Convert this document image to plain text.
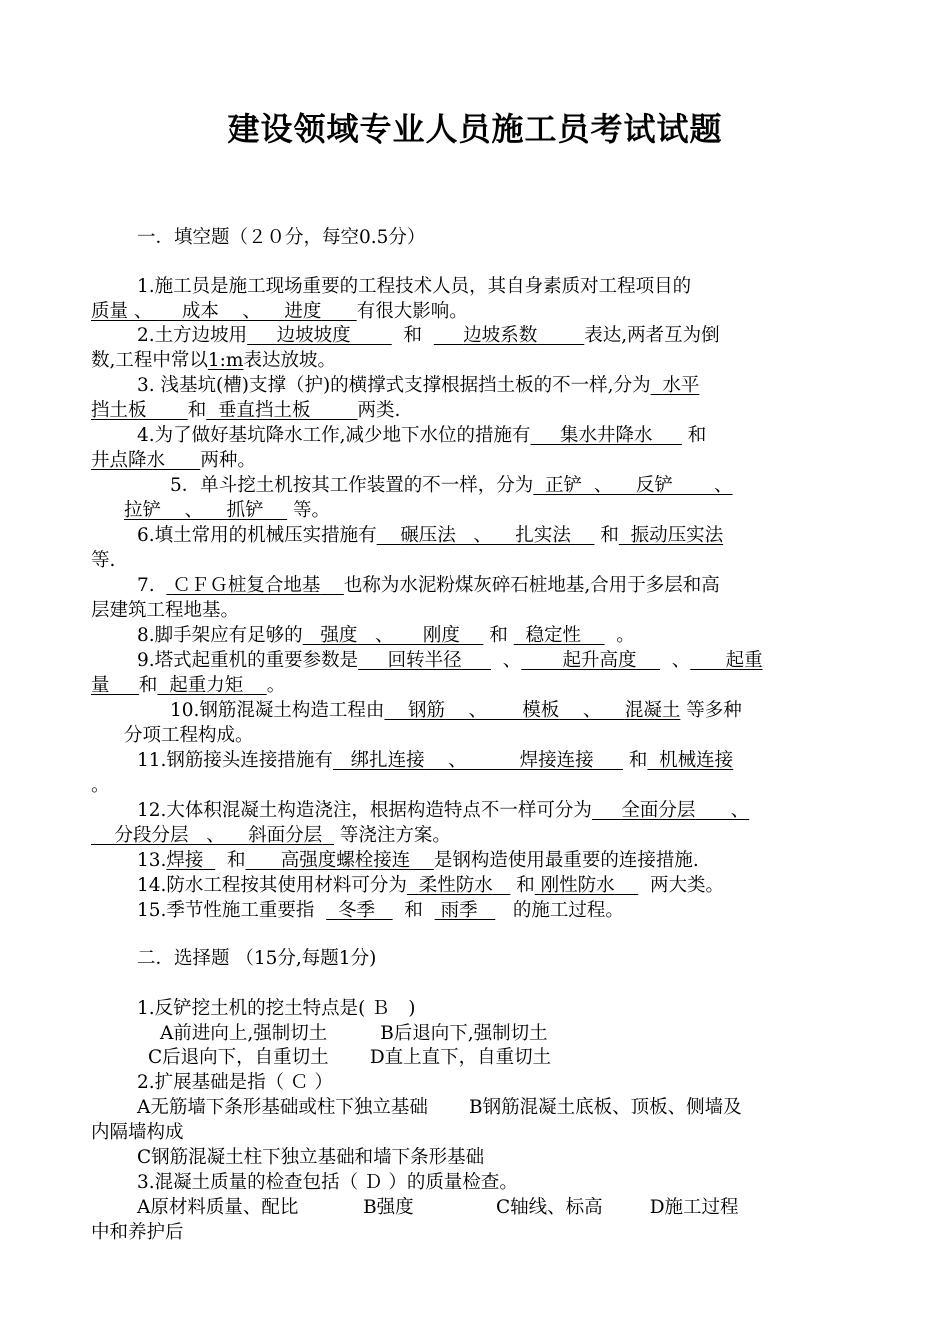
建设领域专业人员施工员考试试题
一．填空题（２０分，每空0.5分）
1.施工员是施工现场重要的工程技术人员，其自身素质对工程项目的
质量 、     成本    、    进度 有很大影响。
2.土方边坡用 边坡坡度	和 边坡系数	表达,两者互为倒
数,工程中常以1:m表达放坡。
3. 浅基坑(槽)支撑（护)的横撑式支撑根据挡土板的不一样,分为 水平
挡土板 和 垂直挡土板	两类.
4.为了做好基坑降水工作,减少地下水位的措施有 集水井降水 和
井点降水 两种。
5．单斗挖土机按其工作装置的不一样，分为 正铲  、    反铲       、
拉铲    、    抓铲 等。
6.填土常用的机械压实措施有 碾压法   、    扎实法 和 振动压实法
等.
7. ＣＦＧ桩复合地基 也称为水泥粉煤灰碎石桩地基,合用于多层和高
层建筑工程地基。
8.脚手架应有足够的 强度   、     刚度 和 稳定性 。
9.塔式起重机的重要参数是 回转半径 、 起升高度 、 起重
量 和 起重力矩 。
10.钢筋混凝土构造工程由 钢筋    、      模板    、    混凝土 等多种
分项工程构成。
11.钢筋接头连接措施有 绑扎连接    、         焊接连接 和 机械连接
。
12.大体积混凝土构造浇注，根据构造特点不一样可分为 全面分层      、
分段分层   、    斜面分层 等浇注方案。
13.焊接 和 高强度螺栓接连 是钢构造使用最重要的连接措施.
14.防水工程按其使用材料可分为 柔性防水 和 刚性防水 两大类。
15.季节性施工重要指 冬季 和 雨季 的施工过程。
二．选择题 （15分,每题1分)
1.反铲挖土机的挖土特点是( Ｂ　)
A前进向上,强制切土	B后退向下,强制切土
C后退向下，自重切土 D直上直下，自重切土
2.扩展基础是指（ Ｃ ）
A无筋墙下条形基础或柱下独立基础 B钢筋混凝土底板、顶板、侧墙及
内隔墙构成
C钢筋混凝土柱下独立基础和墙下条形基础
3.混凝土质量的检查包括（ Ｄ ）的质量检查。
A原材料质量、配比	B强度	C轴线、标高	D施工过程
中和养护后
